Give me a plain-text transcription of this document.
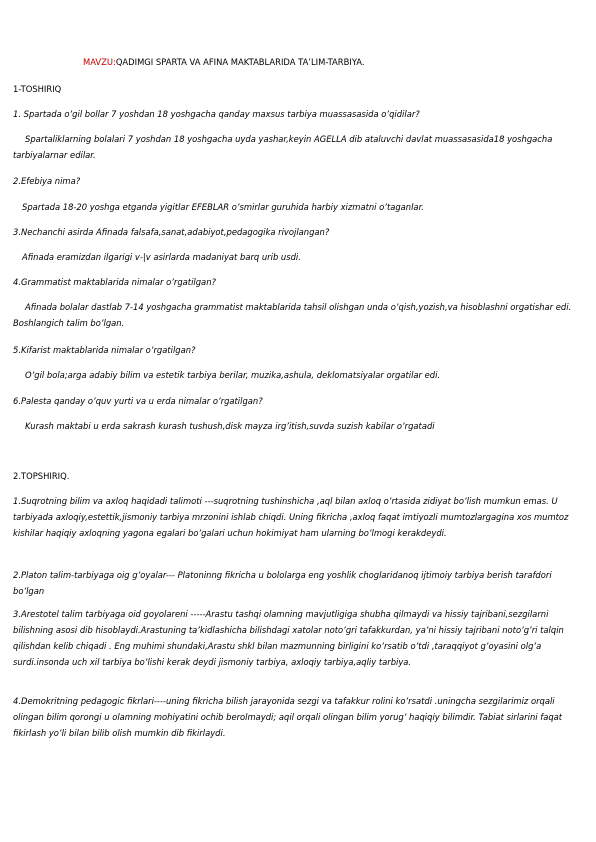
MAVZU:QADIMGI SPARTA VA AFINA MAKTABLARIDA TA’LIM-TARBIYA.
1-TOSHIRIQ
1. Spartada o’gil bollar 7 yoshdan 18 yoshgacha qanday maxsus tarbiya muassasasida o’qidilar?
Spartaliklarning bolalari 7 yoshdan 18 yoshgacha uyda yashar,keyin AGELLA dib ataluvchi davlat muassasasida18 yoshgacha tarbiyalarnar edilar.
2.Efebiya nima?
Spartada 18-20 yoshga etganda yigitlar EFEBLAR o’smirlar guruhida harbiy xizmatni o’taganlar.
3.Nechanchi asirda Afinada falsafa,sanat,adabiyot,pedagogika rivojlangan?
Afinada eramizdan ilgarigi v-|v asirlarda madaniyat barq urib usdi.
4.Grammatist maktablarida nimalar o’rgatilgan?
Afinada bolalar dastlab 7-14 yoshgacha grammatist maktablarida tahsil olishgan unda o’qish,yozish,va hisoblashni orgatishar edi. Boshlangich talim bo’lgan.
5.Kifarist maktablarida nimalar o’rgatilgan?
O’gil bola;arga adabiy bilim va estetik tarbiya berilar, muzika,ashula, deklomatsiyalar orgatilar edi.
6.Palesta qanday o’quv yurti va u erda nimalar o’rgatilgan?
Kurash maktabi u erda sakrash kurash tushush,disk mayza irg’itish,suvda suzish kabilar o’rgatadi
2.TOPSHIRIQ.
1.Suqrotning bilim va axloq haqidadi talimoti ---suqrotning tushinshicha ,aql bilan axloq o’rtasida zidiyat bo’lish mumkun emas. U tarbiyada axloqiy,estettik,jismoniy tarbiya mrzonini ishlab chiqdi. Uning fikricha ,axloq faqat imtiyozli mumtozlargagina xos mumtoz kishilar haqiqiy axloqning yagona egalari bo’galari uchun hokimiyat ham ularning bo’lmogi kerakdeydi.
2.Platon talim-tarbiyaga oig g’oyalar--- Platoninng fikricha u bololarga eng yoshlik choglaridanoq ijtimoiy tarbiya berish tarafdori bo’lgan
3.Arestotel talim tarbiyaga oid goyolareni -----Arastu tashqi olamning mavjutligiga shubha qilmaydi va hissiy tajribani,sezgilarni bilishning asosi dib hisoblaydi.Arastuning ta’kidlashicha bilishdagi xatolar noto’gri tafakkurdan, ya’ni hissiy tajribani noto’g’ri talqin qilishdan kelib chiqadi . Eng muhimi shundaki,Arastu shkl bilan mazmunning birligini ko’rsatib o’tdi ,taraqqiyot g’oyasini olg’a surdi.insonda uch xil tarbiya bo’lishi kerak deydi jismoniy tarbiya, axloqiy tarbiya,aqliy tarbiya.
4.Demokritning pedagogic fikrlari----uning fikricha bilish jarayonida sezgi va tafakkur rolini ko’rsatdi .uningcha sezgilarimiz orqali olingan bilim qorongi u olamning mohiyatini ochib berolmaydi; aqil orqali olingan bilim yorug’ haqiqiy bilimdir. Tabiat sirlarini faqat fikirlash yo’li bilan bilib olish mumkin dib fikirlaydi.
